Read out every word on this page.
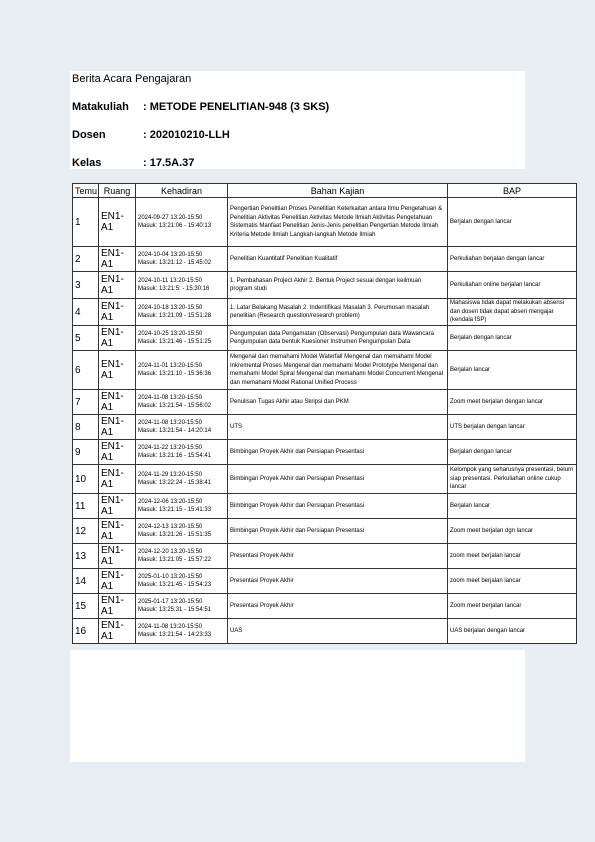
Berita Acara Pengajaran
Matakuliah : METODE PENELITIAN-948 (3 SKS)
Dosen	: 202010210-LLH
Kelas	: 17.5A.37
Temu	Ruang	Kehadiran	Bahan Kajian	BAP
1	EN1-A1	2024-09-27 13:20-15:50
Masuk: 13:21:06 - 15:40:13	Pengertian Penelitian Proses Penelitian Keterkaitan antara Ilmu Pengetahuan & Penelitian Aktivitas Penelitian Aktivitas Metode Ilmiah Aktivitas Pengetahuan Sistematis Manfaat Penelitian Jenis-Jenis penelitian Pengertian Metode Ilmiah Kriteria Metode Ilmiah Langkah-langkah Metode Ilmiah	Berjalan dengan lancar
2	EN1-A1	2024-10-04 13:20-15:50
Masuk: 13:21:12 - 15:45:02	Penelitian Kuantitatif Penelitian Kualitatif	Perkuliahan berjalan dengan lancar
3	EN1-A1	2024-10-11 13:20-15:50
Masuk: 13:21:5: - 15:30:16	1. Pembahasan Project Akhir 2. Bentuk Project sesuai dengan keilmuan program studi	Perkuliahan online berjalan lancar
4	EN1-A1	2024-10-18 13:20-15:50
Masuk: 13:21:09 - 15:51:28	1. Latar Belakang Masalah 2. Indentifikasi Masalah 3. Perumusan masalah penelitian (Research question/research problem)	Mahasiswa tidak dapat melakukan absensi dan dosen tidak dapat absen mengajar (kendala ISP)
5	EN1-A1	2024-10-25 13:20-15:50
Masuk: 13:21:46 - 15:51:25	Pengumpulan data Pengamatan (Observasi) Pengumpulan data Wawancara Pengumpulan data bentuk Kuesioner Instrumen Pengumpulan Data	Berjalan dengan lancar
6	EN1-A1	2024-11-01 13:20-15:50
Masuk: 13:21:10 - 15:36:36	Mengenal dan memahami Model Waterfall Mengenal dan memahami Model Inkremental Proses Mengenal dan memahami Model Prototype Mengenal dan memahami Model Spiral Mengenal dan memahami Model Concurrent Mengenal dan memahami Model Rational Unified Process	Berjalan lancar
7	EN1-A1	2024-11-08 13:20-15:50
Masuk: 13:21:54 - 15:56:02	Penulisan Tugas Akhir atau Skripsi dan PKM	Zoom meet berjalan dengan lancar
8	EN1-A1	2024-11-08 13:20-15:50
Masuk: 13:21:54 - 14:20:14	UTS	UTS berjalan dengan lancar
9	EN1-A1	2024-11-22 13:20-15:50
Masuk: 13:21:16 - 15:54:41	Bimbingan Proyek Akhir dan Persiapan Presentasi	Berjalan dengan lancar
10	EN1-A1	2024-11-29 13:20-15:50
Masuk: 13:22:24 - 15:38:41	Bimbingan Proyek Akhir dan Persiapan Presentasi	Kelompok yang seharusnya presentasi, belum siap presentasi. Perkuliahan online cukup lancar
11	EN1-A1	2024-12-06 13:20-15:50
Masuk: 13:21:15 - 15:41:33	Bimbingan Proyek Akhir dan Persiapan Presentasi	Berjalan lancar
12	EN1-A1	2024-12-13 13:20-15:50
Masuk: 13:21:26 - 15:51:35	Bimbingan Proyek Akhir dan Persiapan Presentasi	Zoom meet berjalan dgn lancar
13	EN1-A1	2024-12-20 13:20-15:50
Masuk: 13:21:05 - 15:57:22	Presentasi Proyek Akhir	zoom meet berjalan lancar
14	EN1-A1	2025-01-10 13:20-15:50
Masuk: 13:21:45 - 15:54:23	Presentasi Proyek Akhir	zoom meet berjalan lancar
15	EN1-A1	2025-01-17 13:20-15:50
Masuk: 13:25:31 - 15:54:51	Presentasi Proyek Akhir	Zoom meet berjalan lancar
16	EN1-A1	2024-11-08 13:20-15:50
Masuk: 13:21:54 - 14:23:33	UAS	UAS berjalan dengan lancar
